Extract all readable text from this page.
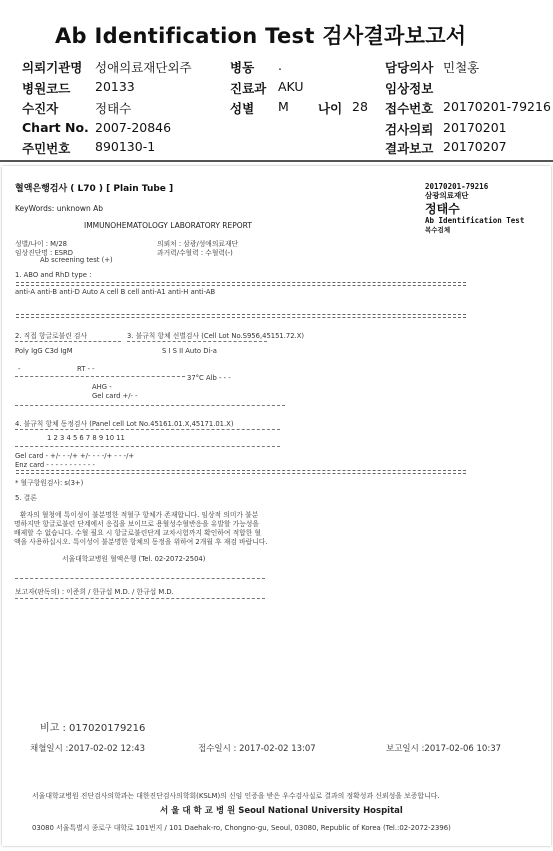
Ab Identification Test 검사결과보고서
의뢰기관명 성애의료재단외주	병동 .	담당의사 민철홍
병원코드 20133	진료과 AKU	임상정보
수진자	정태수	성별 M 나이 28 접수번호 20170201-79216
Chart No. 2007-20846	검사의뢰 20170201
주민번호 890130-1	결과보고 20170207
혈액은행검사 ( L70 ) [ Plain Tube ]
KeyWords: unknown Ab
IMMUNOHEMATOLOGY LABORATORY REPORT
20170201-79216
삼광의료재단
정태수
Ab Identification Test
복수검체
성별/나이 : M/28
임상진단명 : ESRD
Ab screening test (+)
의뢰처 : 삼광/성애의료재단
과거력/수혈력 : 수혈력(-)
1. ABO and RhD type :
anti-A anti-B anti-D Auto A cell B cell anti-A1 anti-H anti-AB
2. 직접 항글로불린 검사	3. 불규칙 항체 선별검사 (Cell Lot No.S956,45151.72.X)
Poly IgG C3d IgM	S I S II Auto Di-a
-	RT - -
37°C Alb - - -
AHG -
Gel card +/- -
4. 불규칙 항체 동정검사 (Panel cell Lot No.45161.01.X,45171.01.X)
1 2 3 4 5 6 7 8 9 10 11
Gel card - +/- - -/+ +/- - - -/+ - - -/+
Enz card - - - - - - - - - - -
* 혈구항원검사: s(3+)
5. 결론
환자의 혈청에 특이성이 불분명한 적혈구 항체가 존재합니다. 임상적 의미가 불분
명하지만 항글로불린 단계에서 응집을 보이므로 용혈성수혈반응을 유발할 가능성을
배제할 수 없습니다. 수혈 필요 시 항글로불린단계 교차시험까지 확인하여 적합한 혈
액을 사용하십시오. 특이성이 불분명한 항체의 동정을 위하여 2개월 후 재검 바랍니다.
서울대학교병원 혈액은행 (Tel. 02-2072-2504)
보고자(판독의) : 이준희 / 한규섭 M.D. / 한규섭 M.D.
비고 : 017020179216
채혈일시 :2017-02-02 12:43	접수일시 : 2017-02-02 13:07	보고일시 :2017-02-06 10:37
서울대학교병원 진단검사의학과는 대한진단검사의학회(KSLM)의 신임 인증을 받은 우수검사실로 결과의 정확성과 신뢰성을 보증합니다.
서 울 대 학 교 병 원 Seoul National University Hospital
03080 서울특별시 종로구 대학로 101번지 / 101 Daehak-ro, Chongno-gu, Seoul, 03080, Republic of Korea (Tel.:02-2072-2396)
